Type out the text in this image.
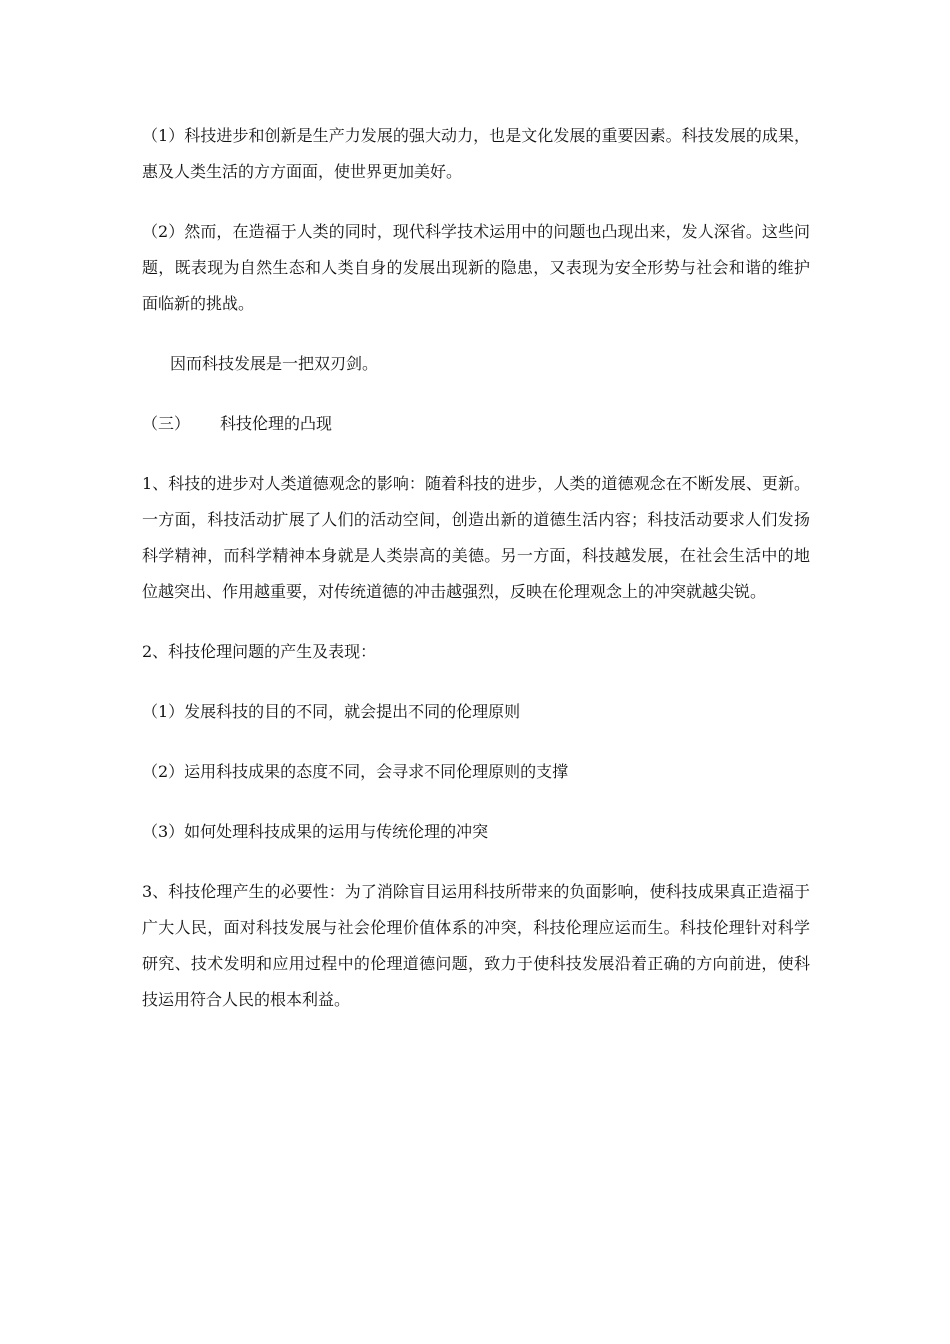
（1）科技进步和创新是生产力发展的强大动力，也是文化发展的重要因素。科技发展的成果，惠及人类生活的方方面面，使世界更加美好。

（2）然而，在造福于人类的同时，现代科学技术运用中的问题也凸现出来，发人深省。这些问题，既表现为自然生态和人类自身的发展出现新的隐患，又表现为安全形势与社会和谐的维护面临新的挑战。

因而科技发展是一把双刃剑。

（三）	科技伦理的凸现

1、科技的进步对人类道德观念的影响：随着科技的进步，人类的道德观念在不断发展、更新。一方面，科技活动扩展了人们的活动空间，创造出新的道德生活内容；科技活动要求人们发扬科学精神，而科学精神本身就是人类崇高的美德。另一方面，科技越发展，在社会生活中的地位越突出、作用越重要，对传统道德的冲击越强烈，反映在伦理观念上的冲突就越尖锐。

2、科技伦理问题的产生及表现：

（1）发展科技的目的不同，就会提出不同的伦理原则

（2）运用科技成果的态度不同，会寻求不同伦理原则的支撑

（3）如何处理科技成果的运用与传统伦理的冲突

3、科技伦理产生的必要性：为了消除盲目运用科技所带来的负面影响，使科技成果真正造福于广大人民，面对科技发展与社会伦理价值体系的冲突，科技伦理应运而生。科技伦理针对科学研究、技术发明和应用过程中的伦理道德问题，致力于使科技发展沿着正确的方向前进，使科技运用符合人民的根本利益。
